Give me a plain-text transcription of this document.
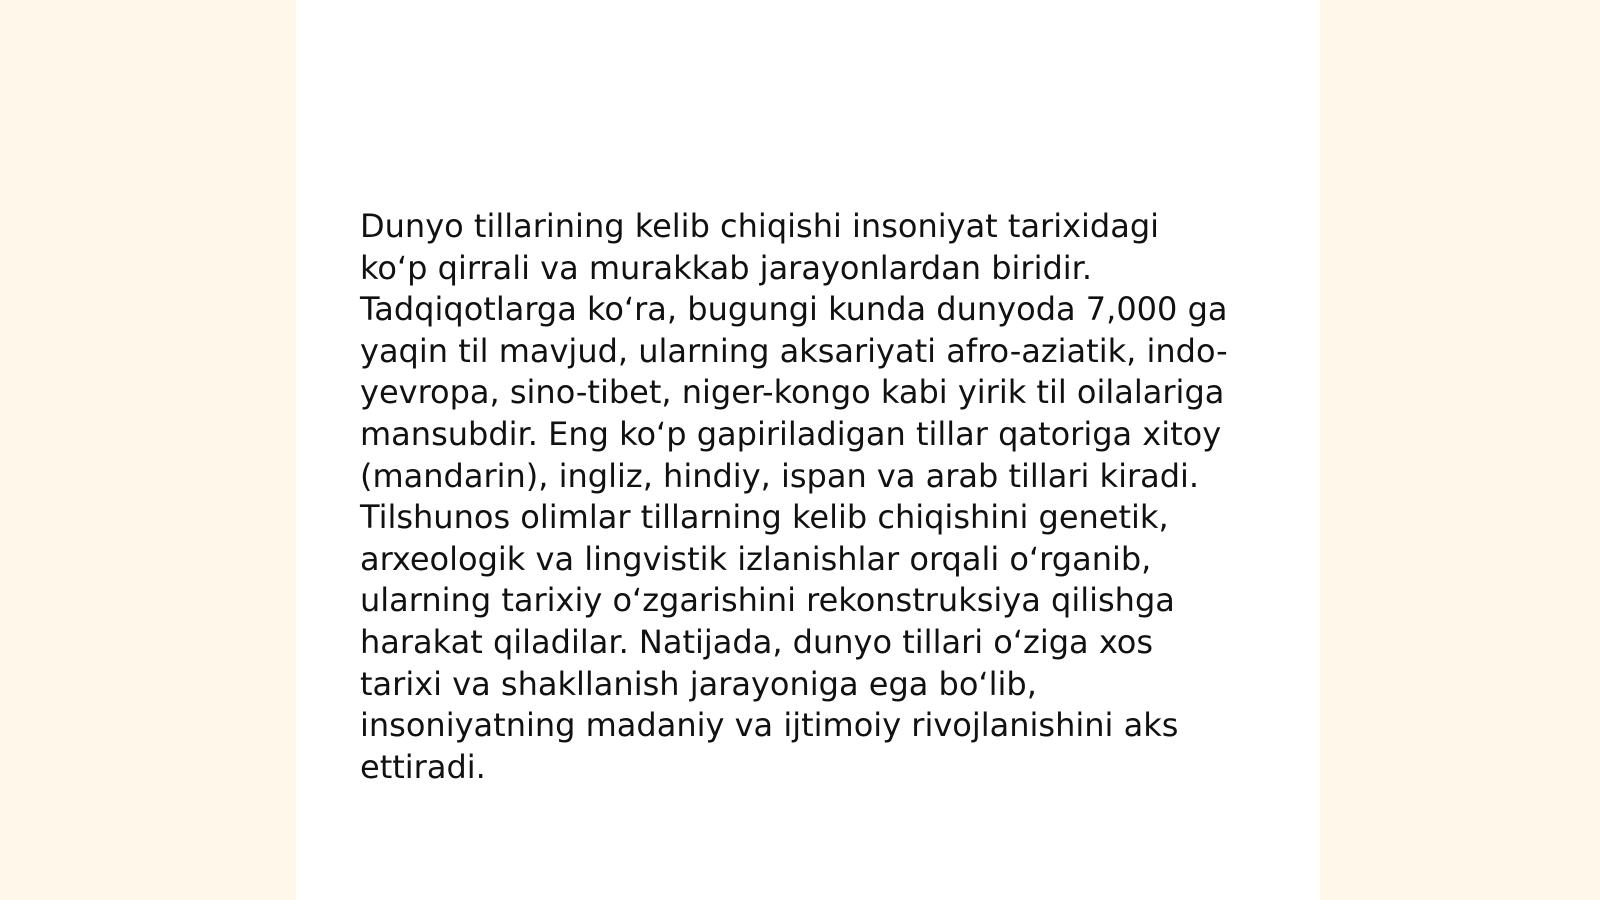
Dunyo tillarining kelib chiqishi insoniyat tarixidagi
ko‘p qirrali va murakkab jarayonlardan biridir.
Tadqiqotlarga ko‘ra, bugungi kunda dunyoda 7,000 ga
yaqin til mavjud, ularning aksariyati afro-aziatik, indo-
yevropa, sino-tibet, niger-kongo kabi yirik til oilalariga
mansubdir. Eng ko‘p gapiriladigan tillar qatoriga xitoy
(mandarin), ingliz, hindiy, ispan va arab tillari kiradi.
Tilshunos olimlar tillarning kelib chiqishini genetik,
arxeologik va lingvistik izlanishlar orqali o‘rganib,
ularning tarixiy o‘zgarishini rekonstruksiya qilishga
harakat qiladilar. Natijada, dunyo tillari o‘ziga xos
tarixi va shakllanish jarayoniga ega bo‘lib,
insoniyatning madaniy va ijtimoiy rivojlanishini aks
ettiradi.
